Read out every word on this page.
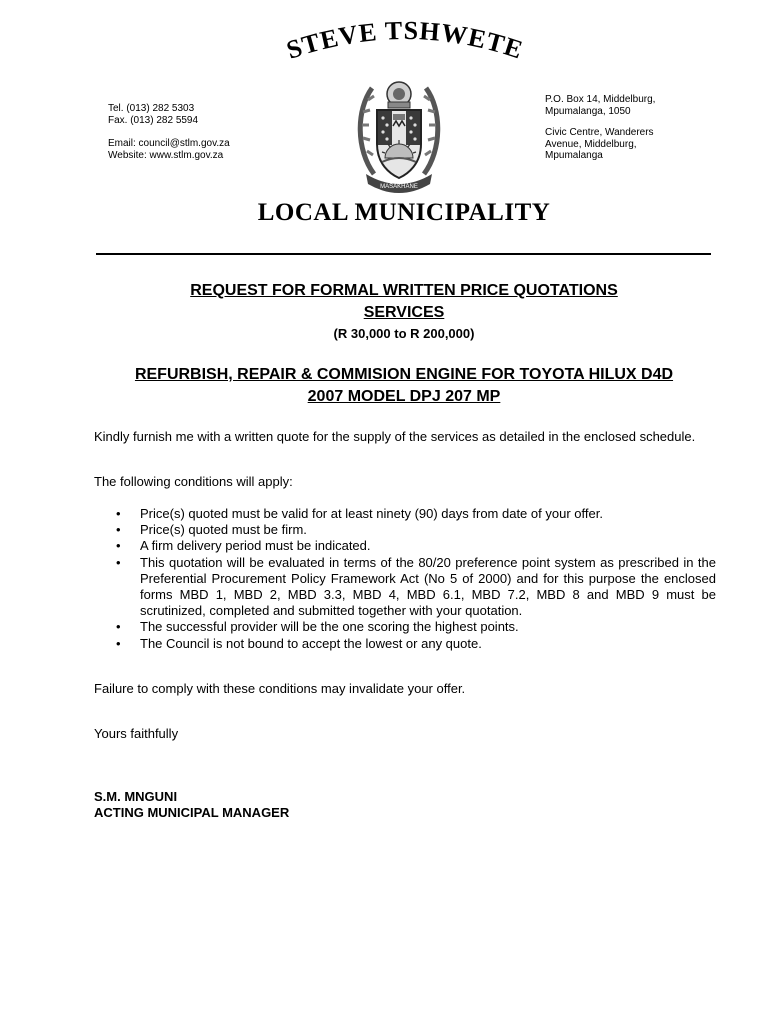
STEVE TSHWETE
Tel. (013) 282 5303
Fax. (013) 282 5594
Email: council@stlm.gov.za
Website: www.stlm.gov.za
MASAKHANE
P.O. Box 14, Middelburg,
Mpumalanga, 1050
Civic Centre, Wanderers
Avenue, Middelburg,
Mpumalanga
LOCAL MUNICIPALITY
REQUEST FOR FORMAL WRITTEN PRICE QUOTATIONS
SERVICES
(R 30,000 to R 200,000)
REFURBISH, REPAIR & COMMISION ENGINE FOR TOYOTA HILUX D4D
2007 MODEL DPJ 207 MP
Kindly furnish me with a written quote for the supply of the services as detailed in the enclosed schedule.
The following conditions will apply:
• Price(s) quoted must be valid for at least ninety (90) days from date of your offer.
• Price(s) quoted must be firm.
• A firm delivery period must be indicated.
• This quotation will be evaluated in terms of the 80/20 preference point system as prescribed in the Preferential Procurement Policy Framework Act (No 5 of 2000) and for this purpose the enclosed forms MBD 1, MBD 2, MBD 3.3, MBD 4, MBD 6.1, MBD 7.2, MBD 8 and MBD 9 must be scrutinized, completed and submitted together with your quotation.
• The successful provider will be the one scoring the highest points.
• The Council is not bound to accept the lowest or any quote.
Failure to comply with these conditions may invalidate your offer.
Yours faithfully
S.M. MNGUNI
ACTING MUNICIPAL MANAGER
